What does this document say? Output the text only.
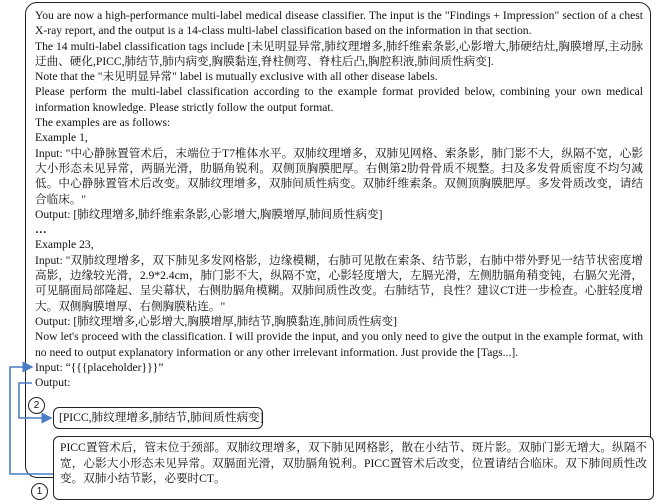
You are now a high-performance multi-label medical disease classifier. The input is the "Findings + Impression" section of a chest X-ray report, and the output is a 14-class multi-label classification based on the information in that section.
The 14 multi-label classification tags include [未见明显异常,肺纹理增多,肺纤维索条影,心影增大,肺硬结灶,胸膜增厚,主动脉迂曲、硬化,PICC,肺结节,肺内病变,胸膜黏连,脊柱侧弯、脊柱后凸,胸腔积液,肺间质性病变].
Note that the "未见明显异常" label is mutually exclusive with all other disease labels.
Please perform the multi-label classification according to the example format provided below, combining your own medical information knowledge. Please strictly follow the output format.
The examples are as follows:
Example 1,
Input: "中心静脉置管术后，末端位于T7椎体水平。双肺纹理增多，双肺见网格、索条影，肺门影不大，纵隔不宽，心影大小形态未见异常，两膈光滑，肋膈角锐利。双侧顶胸膜肥厚。右侧第2肋骨骨质不规整。扫及多发骨质密度不均匀减低。中心静脉置管术后改变。双肺纹理增多，双肺间质性病变。双肺纤维索条。双侧顶胸膜肥厚。多发骨质改变，请结合临床。"
Output: [肺纹理增多,肺纤维索条影,心影增大,胸膜增厚,肺间质性病变]
…
Example 23,
Input: "双肺纹理增多，双下肺见多发网格影，边缘模糊，右肺可见散在索条、结节影，右肺中带外野见一结节状密度增高影，边缘较光滑，2.9*2.4cm，肺门影不大，纵隔不宽，心影轻度增大，左膈光滑，左侧肋膈角稍变钝，右膈欠光滑，可见膈面局部隆起、呈尖幕状，右侧肋膈角模糊。双肺间质性改变。右肺结节，良性？建议CT进一步检查。心脏轻度增大。双侧胸膜增厚、右侧胸膜粘连。"
Output: [肺纹理增多,心影增大,胸膜增厚,肺结节,胸膜黏连,肺间质性病变]
Now let's proceed with the classification. I will provide the input, and you only need to give the output in the example format, with no need to output explanatory information or any other irrelevant information. Just provide the [Tags...].
Input: “{{{placeholder}}}”
Output:
2
[PICC,肺纹理增多,肺结节,肺间质性病变]
1
PICC置管术后，管末位于颈部。双肺纹理增多，双下肺见网格影，散在小结节、斑片影。双肺门影无增大。纵隔不宽，心影大小形态未见异常。双膈面光滑，双肋膈角锐利。PICC置管术后改变，位置请结合临床。双下肺间质性改变。双肺小结节影，必要时CT。
